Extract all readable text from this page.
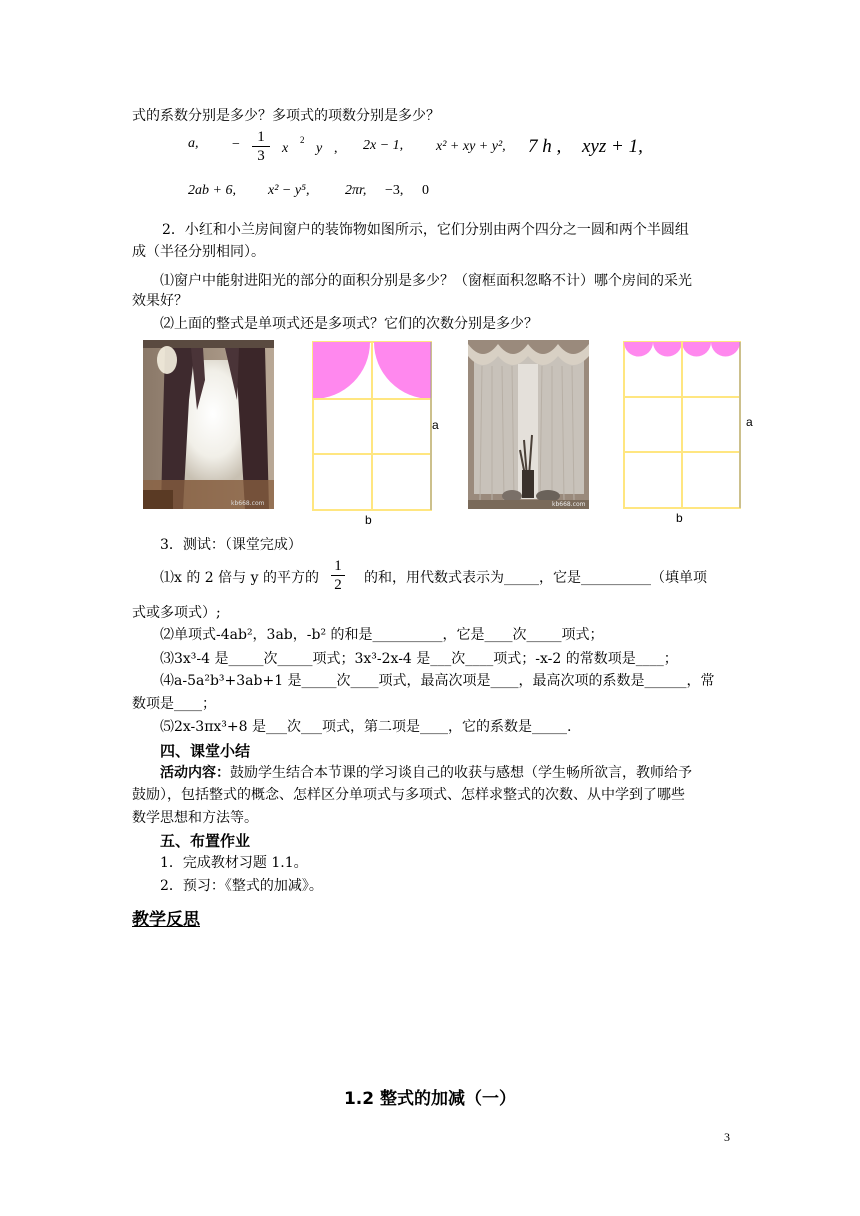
式的系数分别是多少？多项式的项数分别是多少？
a, − $\frac{1}{3}$ x
2
y , 2x − 1, x² + xy + y², 7 h , xyz + 1,
2ab + 6, x² − y⁵,	2πr, −3, 0
2．小红和小兰房间窗户的装饰物如图所示，它们分别由两个四分之一圆和两个半圆组
成（半径分别相同）。
⑴窗户中能射进阳光的部分的面积分别是多少？（窗框面积忽略不计）哪个房间的采光
效果好？
⑵上面的整式是单项式还是多项式？它们的次数分别是多少？
kb668.com
a
b
kb668.com
a
b
3．测试：（课堂完成）
⑴x 的 2 倍与 y 的平方的 $\frac{1}{2}$ 的和，用代数式表示为_____，它是__________（填单项
式或多项式）;
⑵单项式-4ab²，3ab，-b² 的和是__________，它是____次_____项式；
⑶3x³-4 是_____次_____项式；3x³-2x-4 是___次____项式；-x-2 的常数项是____；
⑷a-5a²b³+3ab+1 是_____次____项式，最高次项是____，最高次项的系数是______，常
数项是____；
⑸2x-3πx³+8 是___次___项式，第二项是____，它的系数是_____.
四、课堂小结
活动内容：鼓励学生结合本节课的学习谈自己的收获与感想（学生畅所欲言，教师给予
鼓励），包括整式的概念、怎样区分单项式与多项式、怎样求整式的次数、从中学到了哪些
数学思想和方法等。
五、布置作业
1．完成教材习题 1.1。
2．预习：《整式的加减》。
教学反思
1.2 整式的加减（一）
3
